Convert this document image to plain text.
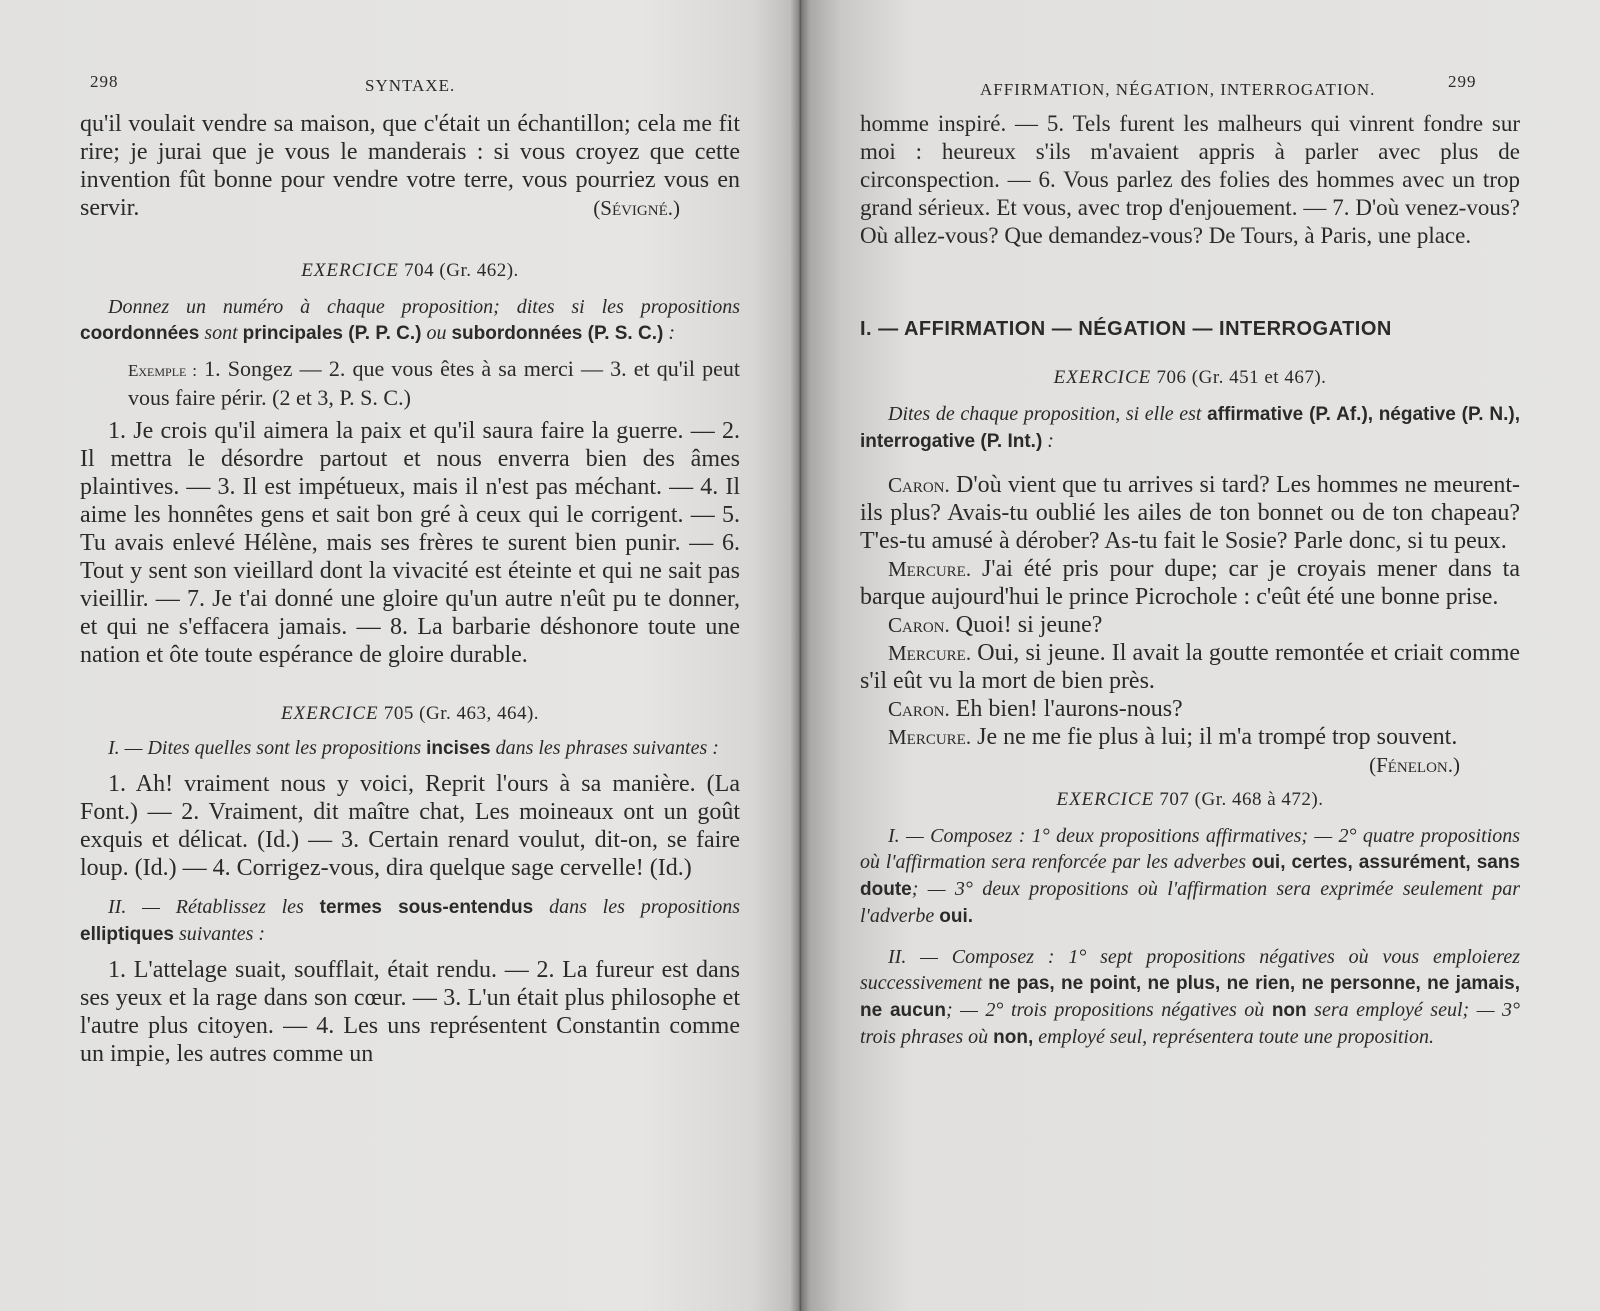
298	SYNTAXE.

qu'il voulait vendre sa maison, que c'était un échantillon; cela me fit rire; je jurai que je vous le manderais : si vous croyez que cette invention fût bonne pour vendre votre terre, vous pourriez vous en servir.	(Sévigné.)

EXERCICE 704 (Gr. 462).

Donnez un numéro à chaque proposition; dites si les propositions coordonnées sont principales (P. P. C.) ou subordonnées (P. S. C.) :

Exemple : 1. Songez — 2. que vous êtes à sa merci — 3. et qu'il peut vous faire périr. (2 et 3, P. S. C.)

1. Je crois qu'il aimera la paix et qu'il saura faire la guerre. — 2. Il mettra le désordre partout et nous enverra bien des âmes plaintives. — 3. Il est impétueux, mais il n'est pas méchant. — 4. Il aime les honnêtes gens et sait bon gré à ceux qui le corrigent. — 5. Tu avais enlevé Hélène, mais ses frères te surent bien punir. — 6. Tout y sent son vieillard dont la vivacité est éteinte et qui ne sait pas vieillir. — 7. Je t'ai donné une gloire qu'un autre n'eût pu te donner, et qui ne s'effacera jamais. — 8. La barbarie déshonore toute une nation et ôte toute espérance de gloire durable.

EXERCICE 705 (Gr. 463, 464).

I. — Dites quelles sont les propositions incises dans les phrases suivantes :

1. Ah! vraiment nous y voici, Reprit l'ours à sa manière. (La Font.) — 2. Vraiment, dit maître chat, Les moineaux ont un goût exquis et délicat. (Id.) — 3. Certain renard voulut, dit-on, se faire loup. (Id.) — 4. Corrigez-vous, dira quelque sage cervelle! (Id.)

II. — Rétablissez les termes sous-entendus dans les propositions elliptiques suivantes :

1. L'attelage suait, soufflait, était rendu. — 2. La fureur est dans ses yeux et la rage dans son cœur. — 3. L'un était plus philosophe et l'autre plus citoyen. — 4. Les uns représentent Constantin comme un impie, les autres comme un

AFFIRMATION, NÉGATION, INTERROGATION.	299

homme inspiré. — 5. Tels furent les malheurs qui vinrent fondre sur moi : heureux s'ils m'avaient appris à parler avec plus de circonspection. — 6. Vous parlez des folies des hommes avec un trop grand sérieux. Et vous, avec trop d'enjouement. — 7. D'où venez-vous? Où allez-vous? Que demandez-vous? De Tours, à Paris, une place.

I. — AFFIRMATION — NÉGATION — INTERROGATION
EXERCICE 706 (Gr. 451 et 467).

Dites de chaque proposition, si elle est affirmative (P. Af.), négative (P. N.), interrogative (P. Int.) :

Caron. D'où vient que tu arrives si tard? Les hommes ne meurent-ils plus? Avais-tu oublié les ailes de ton bonnet ou de ton chapeau? T'es-tu amusé à dérober? As-tu fait le Sosie? Parle donc, si tu peux.

Mercure. J'ai été pris pour dupe; car je croyais mener dans ta barque aujourd'hui le prince Picrochole : c'eût été une bonne prise.

Caron. Quoi! si jeune?

Mercure. Oui, si jeune. Il avait la goutte remontée et criait comme s'il eût vu la mort de bien près.

Caron. Eh bien! l'aurons-nous?

Mercure. Je ne me fie plus à lui; il m'a trompé trop souvent.
(Fénelon.)

EXERCICE 707 (Gr. 468 à 472).

I. — Composez : 1° deux propositions affirmatives; — 2° quatre propositions où l'affirmation sera renforcée par les adverbes oui, certes, assurément, sans doute; — 3° deux propositions où l'affirmation sera exprimée seulement par l'adverbe oui.

II. — Composez : 1° sept propositions négatives où vous emploierez successivement ne pas, ne point, ne plus, ne rien, ne personne, ne jamais, ne aucun; — 2° trois propositions négatives où non sera employé seul; — 3° trois phrases où non, employé seul, représentera toute une proposition.
